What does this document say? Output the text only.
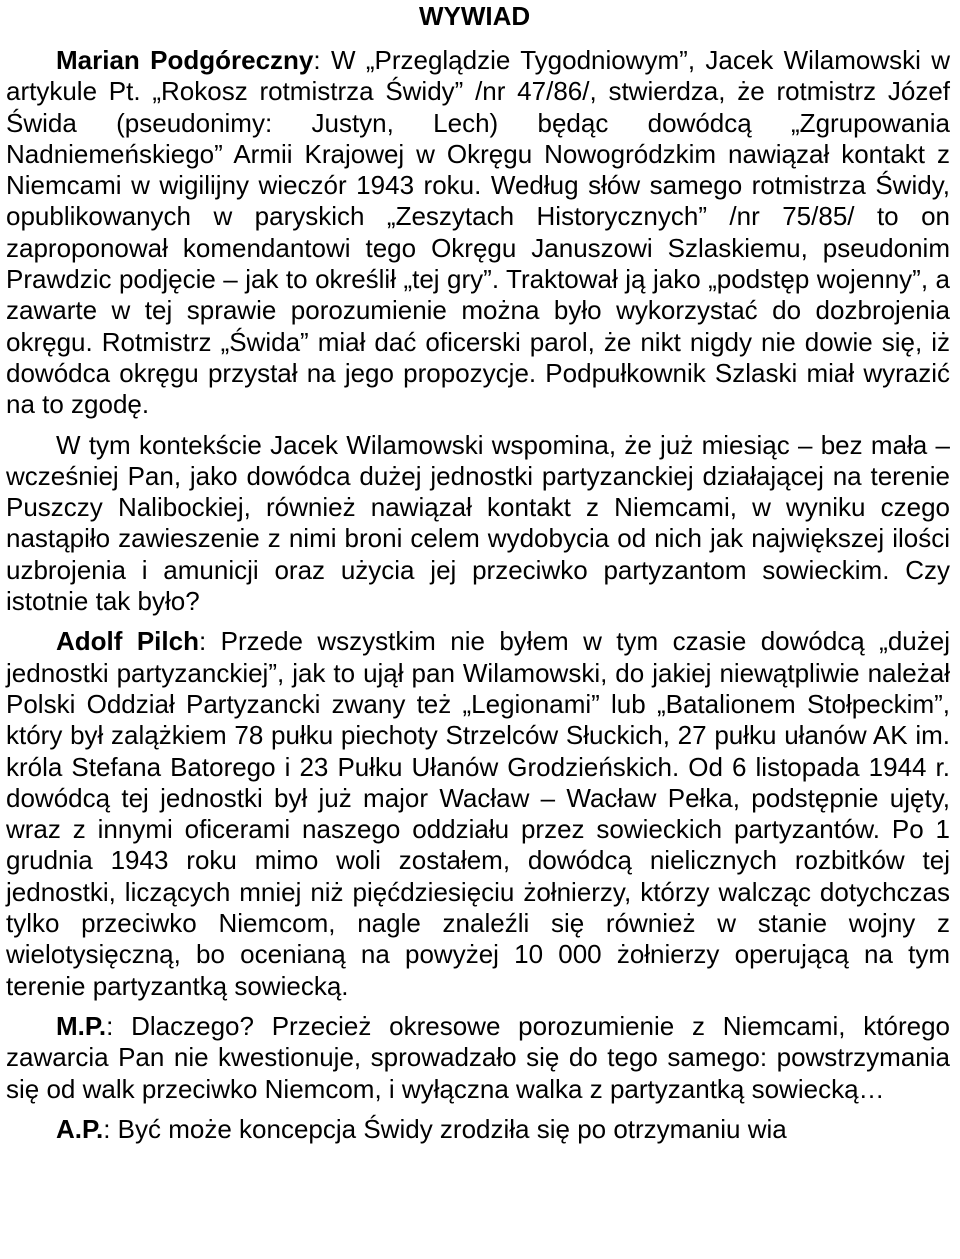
WYWIAD

Marian Podgóreczny: W „Przeglądzie Tygodniowym”, Jacek Wilamowski w artykule Pt. „Rokosz rotmistrza Świdy” /nr 47/86/, stwierdza, że rotmistrz Józef Świda (pseudonimy: Justyn, Lech) będąc dowódcą „Zgrupowania Nadniemeńskiego” Armii Krajowej w Okręgu Nowogródzkim nawiązał kontakt z Niemcami w wigilijny wieczór 1943 roku. Według słów samego rotmistrza Świdy, opublikowanych w paryskich „Zeszytach Historycznych” /nr 75/85/ to on zaproponował komendantowi tego Okręgu Januszowi Szlaskiemu, pseudonim Prawdzic podjęcie – jak to określił „tej gry”. Traktował ją jako „podstęp wojenny”, a zawarte w tej sprawie porozumienie można było wykorzystać do dozbrojenia okręgu. Rotmistrz „Świda” miał dać oficerski parol, że nikt nigdy nie dowie się, iż dowódca okręgu przystał na jego propozycje. Podpułkownik Szlaski miał wyrazić na to zgodę.

W tym kontekście Jacek Wilamowski wspomina, że już miesiąc – bez mała – wcześniej Pan, jako dowódca dużej jednostki partyzanckiej działającej na terenie Puszczy Nalibockiej, również nawiązał kontakt z Niemcami, w wyniku czego nastąpiło zawieszenie z nimi broni celem wydobycia od nich jak największej ilości uzbrojenia i amunicji oraz użycia jej przeciwko partyzantom sowieckim. Czy istotnie tak było?

Adolf Pilch: Przede wszystkim nie byłem w tym czasie dowódcą „dużej jednostki partyzanckiej”, jak to ujął pan Wilamowski, do jakiej niewątpliwie należał Polski Oddział Partyzancki zwany też „Legionami” lub „Batalionem Stołpeckim”, który był zalążkiem 78 pułku piechoty Strzelców Słuckich, 27 pułku ułanów AK im. króla Stefana Batorego i 23 Pułku Ułanów Grodzieńskich. Od 6 listopada 1944 r. dowódcą tej jednostki był już major Wacław – Wacław Pełka, podstępnie ujęty, wraz z innymi oficerami naszego oddziału przez sowieckich partyzantów. Po 1 grudnia 1943 roku mimo woli zostałem, dowódcą nielicznych rozbitków tej jednostki, liczących mniej niż pięćdziesięciu żołnierzy, którzy walcząc dotychczas tylko przeciwko Niemcom, nagle znaleźli się również w stanie wojny z wielotysięczną, bo ocenianą na powyżej 10 000 żołnierzy operującą na tym terenie partyzantką sowiecką.

M.P.: Dlaczego? Przecież okresowe porozumienie z Niemcami, którego zawarcia Pan nie kwestionuje, sprowadzało się do tego samego: powstrzymania się od walk przeciwko Niemcom, i wyłączna walka z partyzantką sowiecką…

A.P.: Być może koncepcja Świdy zrodziła się po otrzymaniu wia
